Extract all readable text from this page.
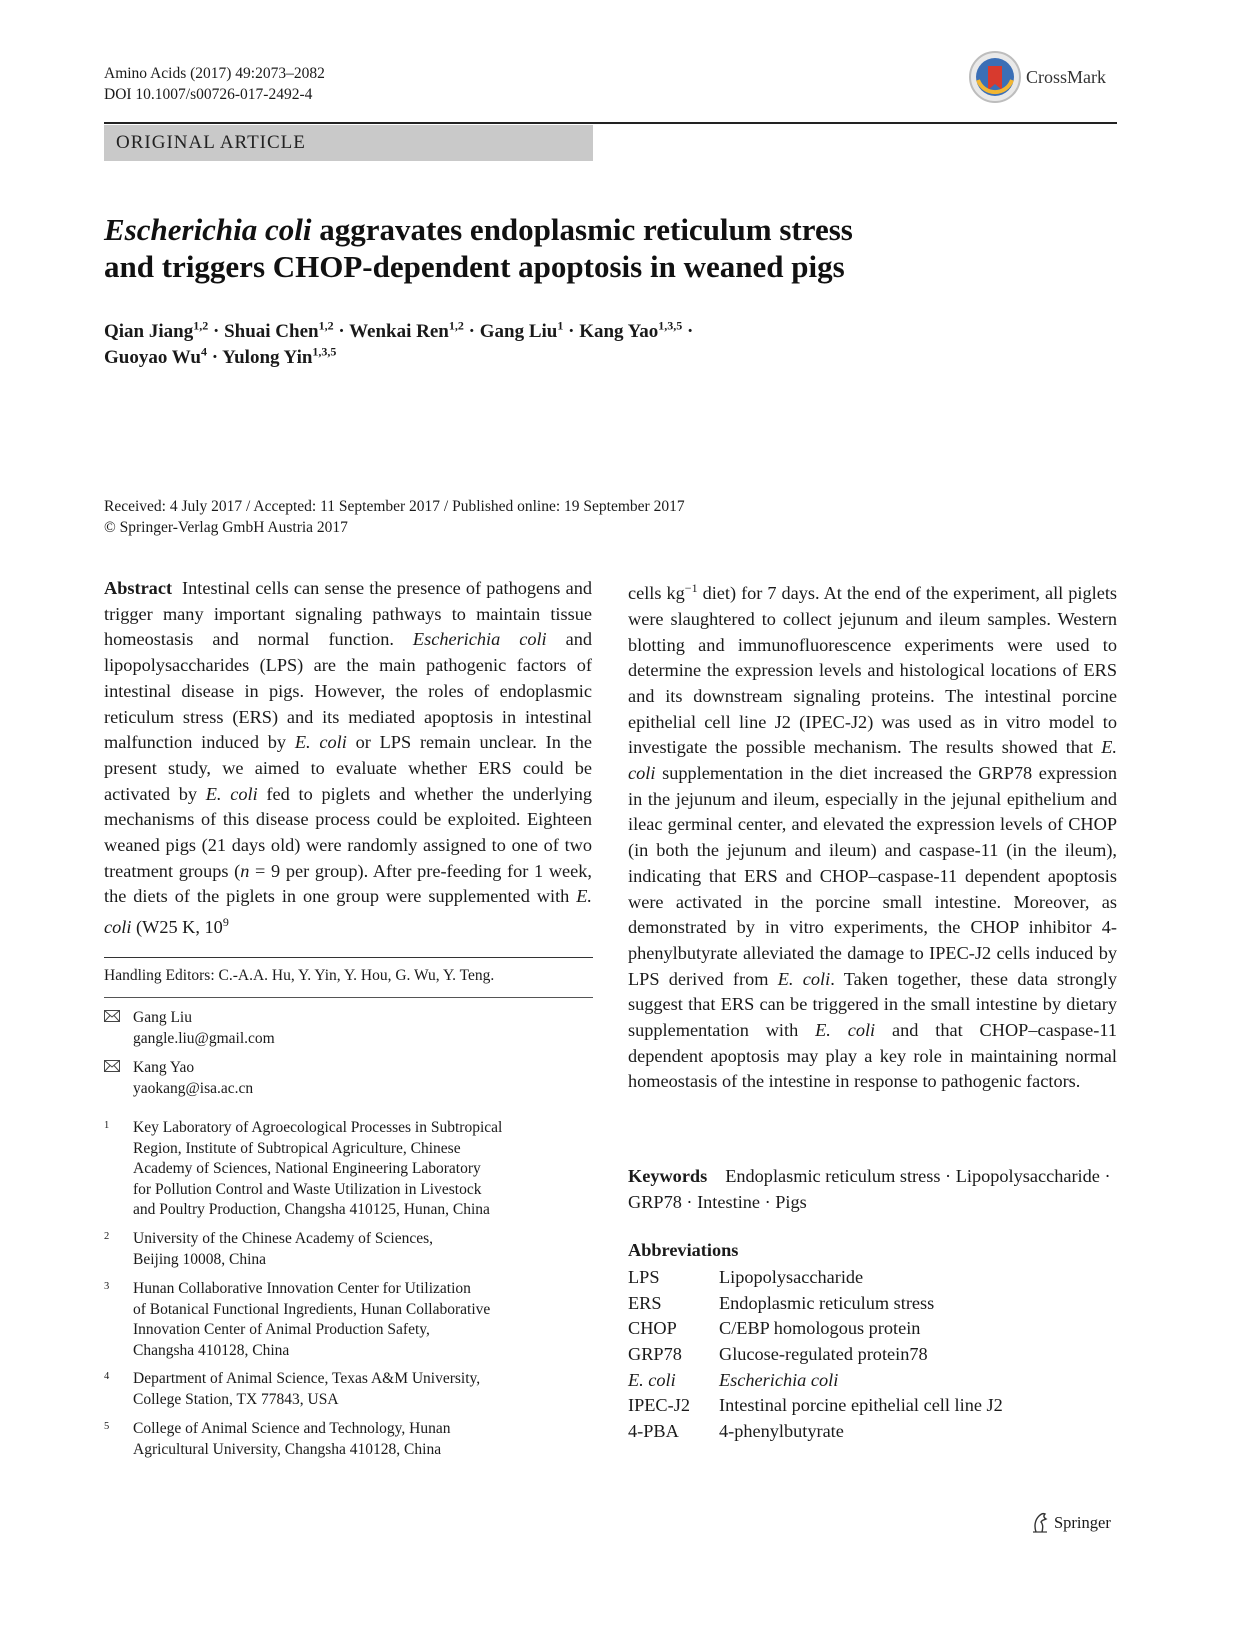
Amino Acids (2017) 49:2073–2082
DOI 10.1007/s00726-017-2492-4
CrossMark
ORIGINAL ARTICLE
Escherichia coli aggravates endoplasmic reticulum stress
and triggers CHOP-dependent apoptosis in weaned pigs
Qian Jiang$^{1,2}$ · Shuai Chen$^{1,2}$ · Wenkai Ren$^{1,2}$ · Gang Liu$^1$ · Kang Yao$^{1,3,5}$ ·
Guoyao $Wu^4$ · Yulong Yin$^{1,3,5}$
Received: 4 July 2017 / Accepted: 11 September 2017 / Published online: 19 September 2017
© Springer-Verlag GmbH Austria 2017
Abstract Intestinal cells can sense the presence of pathogens and trigger many important signaling pathways to maintain tissue homeostasis and normal function. Escherichia coli and lipopolysaccharides (LPS) are the main pathogenic factors of intestinal disease in pigs. However, the roles of endoplasmic reticulum stress (ERS) and its mediated apoptosis in intestinal malfunction induced by E. coli or LPS remain unclear. In the present study, we aimed to evaluate whether ERS could be activated by E. coli fed to piglets and whether the underlying mechanisms of this disease process could be exploited. Eighteen weaned pigs (21 days old) were randomly assigned to one of two treatment groups (n = 9 per group). After pre-feeding for 1 week, the diets of the piglets in one group were supplemented with E. coli (W25 K, $10^9$
cells $kg^{-1}$ diet) for 7 days. At the end of the experiment, all piglets were slaughtered to collect jejunum and ileum samples. Western blotting and immunofluorescence experiments were used to determine the expression levels and histological locations of ERS and its downstream signaling proteins. The intestinal porcine epithelial cell line J2 (IPEC-J2) was used as in vitro model to investigate the possible mechanism. The results showed that E. coli supplementation in the diet increased the GRP78 expression in the jejunum and ileum, especially in the jejunal epithelium and ileac germinal center, and elevated the expression levels of CHOP (in both the jejunum and ileum) and caspase-11 (in the ileum), indicating that ERS and CHOP–caspase-11 dependent apoptosis were activated in the porcine small intestine. Moreover, as demonstrated by in vitro experiments, the CHOP inhibitor 4-phenylbutyrate alleviated the damage to IPEC-J2 cells induced by LPS derived from E. coli. Taken together, these data strongly suggest that ERS can be triggered in the small intestine by dietary supplementation with E. coli and that CHOP–caspase-11 dependent apoptosis may play a key role in maintaining normal homeostasis of the intestine in response to pathogenic factors.
Handling Editors: C.-A.A. Hu, Y. Yin, Y. Hou, G. Wu, Y. Teng.
Gang Liu
gangle.liu@gmail.com
Kang Yao
yaokang@isa.ac.cn
1 Key Laboratory of Agroecological Processes in Subtropical
Region, Institute of Subtropical Agriculture, Chinese
Academy of Sciences, National Engineering Laboratory
for Pollution Control and Waste Utilization in Livestock
and Poultry Production, Changsha 410125, Hunan, China
2 University of the Chinese Academy of Sciences,
Beijing 10008, China
3 Hunan Collaborative Innovation Center for Utilization
of Botanical Functional Ingredients, Hunan Collaborative
Innovation Center of Animal Production Safety,
Changsha 410128, China
4 Department of Animal Science, Texas A&M University,
College Station, TX 77843, USA
5 College of Animal Science and Technology, Hunan
Agricultural University, Changsha 410128, China
Keywords Endoplasmic reticulum stress · Lipopolysaccharide · GRP78 · Intestine · Pigs
Abbreviations
LPS	Lipopolysaccharide
ERS	Endoplasmic reticulum stress
CHOP C/EBP homologous protein
GRP78 Glucose-regulated protein78
E. coli Escherichia coli
IPEC-J2 Intestinal porcine epithelial cell line J2
4-PBA 4-phenylbutyrate
Springer
